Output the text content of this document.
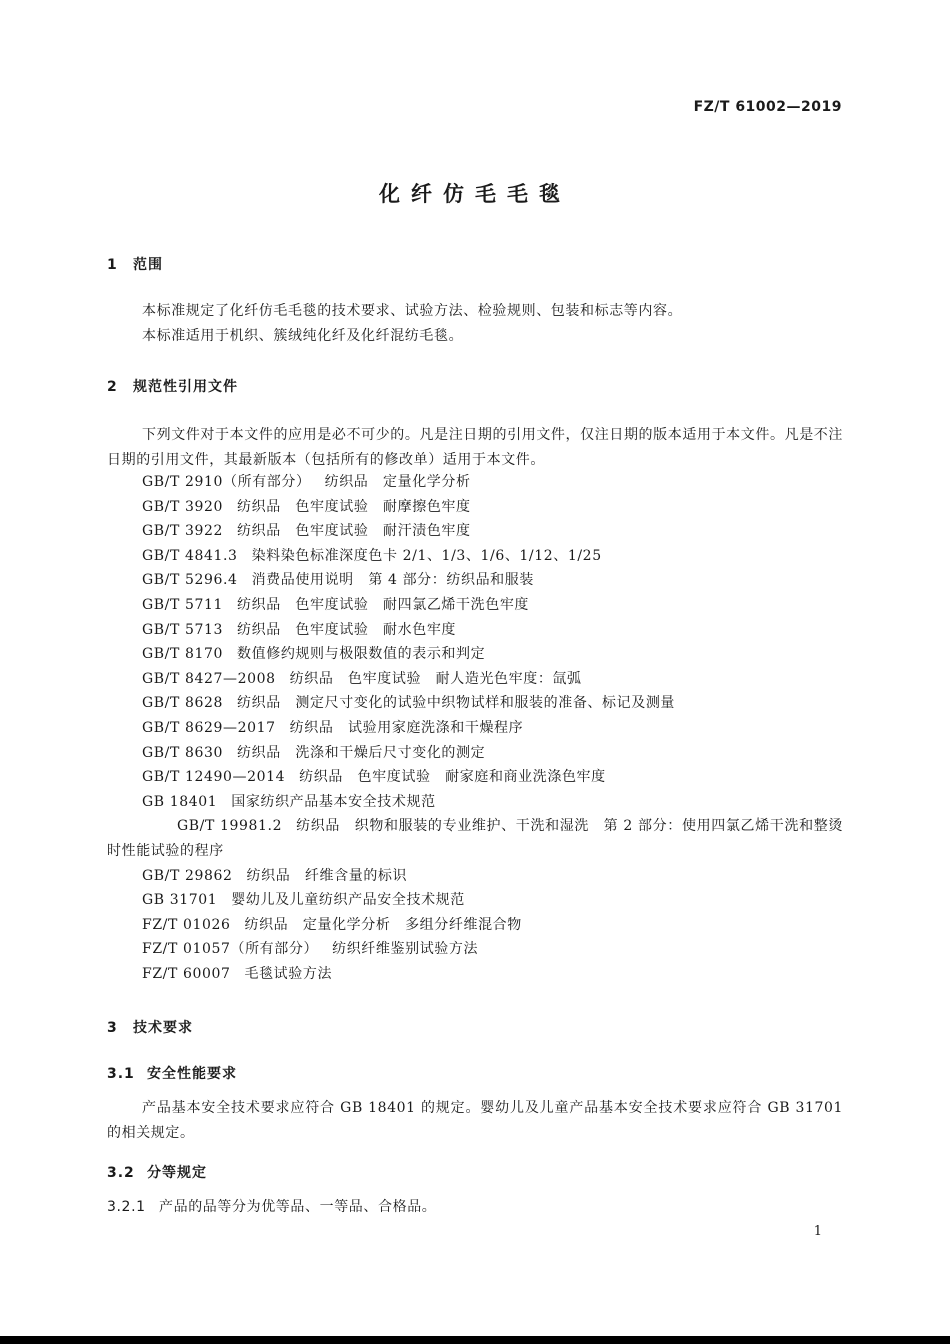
FZ/T 61002—2019
化纤仿毛毛毯
1 范围
本标准规定了化纤仿毛毛毯的技术要求、试验方法、检验规则、包装和标志等内容。
本标准适用于机织、簇绒纯化纤及化纤混纺毛毯。
2 规范性引用文件
下列文件对于本文件的应用是必不可少的。凡是注日期的引用文件，仅注日期的版本适用于本文件。凡是不注日期的引用文件，其最新版本（包括所有的修改单）适用于本文件。
GB/T 2910（所有部分） 纺织品　定量化学分析
GB/T 3920 纺织品　色牢度试验　耐摩擦色牢度
GB/T 3922 纺织品　色牢度试验　耐汗渍色牢度
GB/T 4841.3 染料染色标准深度色卡 2/1、1/3、1/6、1/12、1/25
GB/T 5296.4 消费品使用说明　第 4 部分：纺织品和服装
GB/T 5711 纺织品　色牢度试验　耐四氯乙烯干洗色牢度
GB/T 5713 纺织品　色牢度试验　耐水色牢度
GB/T 8170 数值修约规则与极限数值的表示和判定
GB/T 8427—2008 纺织品　色牢度试验　耐人造光色牢度：氙弧
GB/T 8628 纺织品　测定尺寸变化的试验中织物试样和服装的准备、标记及测量
GB/T 8629—2017 纺织品　试验用家庭洗涤和干燥程序
GB/T 8630 纺织品　洗涤和干燥后尺寸变化的测定
GB/T 12490—2014 纺织品　色牢度试验　耐家庭和商业洗涤色牢度
GB 18401 国家纺织产品基本安全技术规范
GB/T 19981.2 纺织品　织物和服装的专业维护、干洗和湿洗　第 2 部分：使用四氯乙烯干洗和整烫时性能试验的程序
GB/T 29862 纺织品　纤维含量的标识
GB 31701 婴幼儿及儿童纺织产品安全技术规范
FZ/T 01026 纺织品　定量化学分析　多组分纤维混合物
FZ/T 01057（所有部分） 纺织纤维鉴别试验方法
FZ/T 60007 毛毯试验方法
3 技术要求
3.1 安全性能要求
产品基本安全技术要求应符合 GB 18401 的规定。婴幼儿及儿童产品基本安全技术要求应符合 GB 31701 的相关规定。
3.2 分等规定
3.2.1 产品的品等分为优等品、一等品、合格品。
1
